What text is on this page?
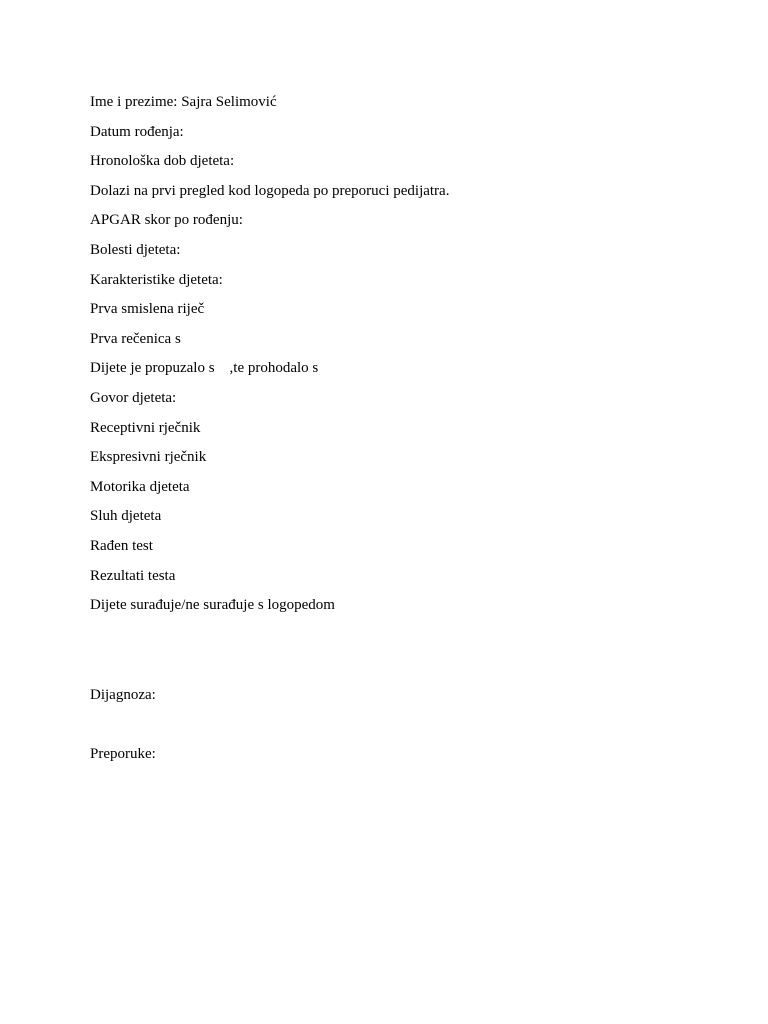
Ime i prezime: Sajra Selimović
Datum rođenja:
Hronološka dob djeteta:
Dolazi na prvi pregled kod logopeda po preporuci pedijatra.
APGAR skor po rođenju:
Bolesti djeteta:
Karakteristike djeteta:
Prva smislena riječ
Prva rečenica s
Dijete je propuzalo s    ,te prohodalo s
Govor djeteta:
Receptivni rječnik
Ekspresivni rječnik
Motorika djeteta
Sluh djeteta
Rađen test
Rezultati testa
Dijete surađuje/ne surađuje s logopedom
Dijagnoza:
Preporuke:
